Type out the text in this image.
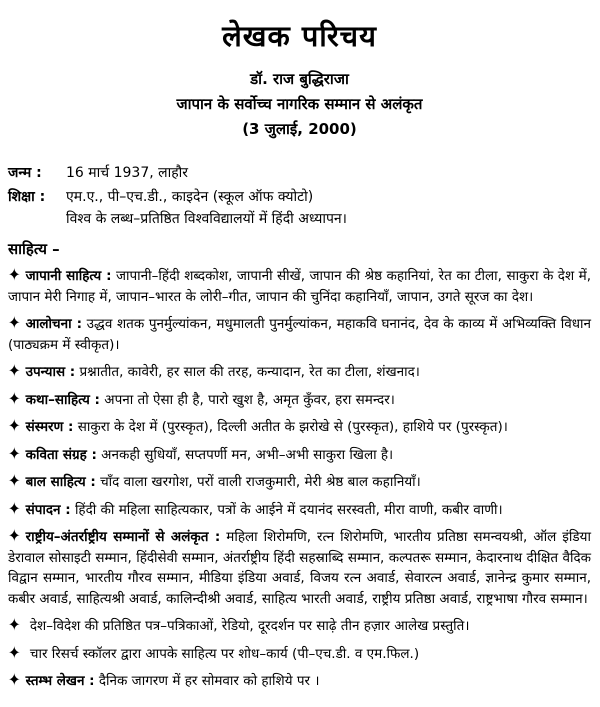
लेखक परिचय
डॉ. राज बुद्धिराजा
जापान के सर्वोच्च नागरिक सम्मान से अलंकृत
(3 जुलाई, 2000)
जन्म :	16 मार्च 1937, लाहौर
शिक्षा :	एम.ए., पी–एच.डी., काइदेन (स्कूल ऑफ क्योटो)
विश्व के लब्ध–प्रतिष्ठित विश्वविद्यालयों में हिंदी अध्यापन।
साहित्य –

✦ जापानी साहित्य : जापानी–हिंदी शब्दकोश, जापानी सीखें, जापान की श्रेष्ठ कहानियां, रेत का टीला, साकुरा के देश में, जापान मेरी निगाह में, जापान–भारत के लोरी–गीत, जापान की चुनिंदा कहानियाँ, जापान, उगते सूरज का देश।

✦ आलोचना : उद्धव शतक पुनर्मुल्यांकन, मधुमालती पुनर्मुल्यांकन, महाकवि घनानंद, देव के काव्य में अभिव्यक्ति विधान (पाठ्यक्रम में स्वीकृत)।

✦ उपन्यास : प्रश्नातीत, कावेरी, हर साल की तरह, कन्यादान, रेत का टीला, शंखनाद।

✦ कथा–साहित्य : अपना तो ऐसा ही है, पारो खुश है, अमृत कुँवर, हरा समन्दर।

✦ संस्मरण : साकुरा के देश में (पुरस्कृत), दिल्ली अतीत के झरोखे से (पुरस्कृत), हाशिये पर (पुरस्कृत)।

✦ कविता संग्रह : अनकही सुधियाँ, सप्तपर्णी मन, अभी–अभी साकुरा खिला है।

✦ बाल साहित्य : चाँद वाला खरगोश, परों वाली राजकुमारी, मेरी श्रेष्ठ बाल कहानियाँ।

✦ संपादन : हिंदी की महिला साहित्यकार, पत्रों के आईने में दयानंद सरस्वती, मीरा वाणी, कबीर वाणी।

✦ राष्ट्रीय–अंतर्राष्ट्रीय सम्मानों से अलंकृत : महिला शिरोमणि, रत्न शिरोमणि, भारतीय प्रतिष्ठा समन्वयश्री, ऑल इंडिया डेरावाल सोसाइटी सम्मान, हिंदीसेवी सम्मान, अंतर्राष्ट्रीय हिंदी सहस्राब्दि सम्मान, कल्पतरू सम्मान, केदारनाथ दीक्षित वैदिक विद्वान सम्मान, भारतीय गौरव सम्मान, मीडिया इंडिया अवार्ड, विजय रत्न अवार्ड, सेवारत्न अवार्ड, ज्ञानेन्द्र कुमार सम्मान, कबीर अवार्ड, साहित्यश्री अवार्ड, कालिन्दीश्री अवार्ड, साहित्य भारती अवार्ड, राष्ट्रीय प्रतिष्ठा अवार्ड, राष्ट्रभाषा गौरव सम्मान।

✦ देश–विदेश की प्रतिष्ठित पत्र–पत्रिकाओं, रेडियो, दूरदर्शन पर साढ़े तीन हज़ार आलेख प्रस्तुति।

✦ चार रिसर्च स्कॉलर द्वारा आपके साहित्य पर शोध–कार्य (पी–एच.डी. व एम.फिल.)

✦ स्तम्भ लेखन : दैनिक जागरण में हर सोमवार को हाशिये पर ।
